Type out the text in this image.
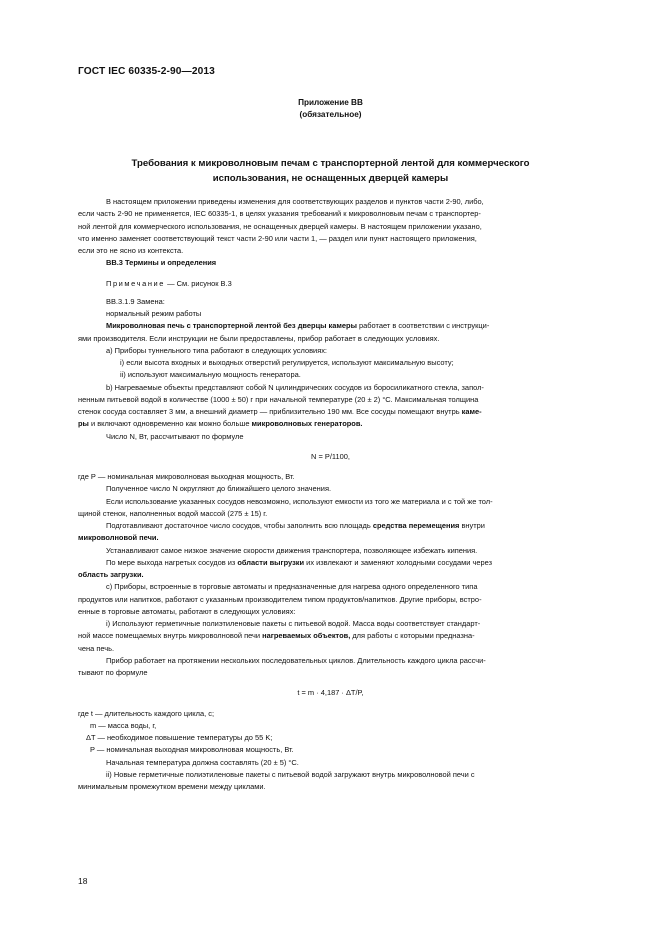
ГОСТ IEC 60335-2-90—2013
Приложение ВВ
(обязательное)
Требования к микроволновым печам с транспортерной лентой для коммерческого
использования, не оснащенных дверцей камеры

В настоящем приложении приведены изменения для соответствующих разделов и пунктов части 2-90, либо,

если часть 2-90 не применяется, IEC 60335-1, в целях указания требований к микроволновым печам с транспортер-

ной лентой для коммерческого использования, не оснащенных дверцей камеры. В настоящем приложении указано,

что именно заменяет соответствующий текст части 2-90 или части 1, — раздел или пункт настоящего приложения,

если это не ясно из контекста.

ВВ.3 Термины и определения

Примечание — См. рисунок В.3

ВВ.3.1.9 Замена:

нормальный режим работы

Микроволновая печь с транспортерной лентой без дверцы камеры работает в соответствии с инструкци-

ями производителя. Если инструкции не были предоставлены, прибор работает в следующих условиях.

а) Приборы туннельного типа работают в следующих условиях:

i) если высота входных и выходных отверстий регулируется, используют максимальную высоту;

ii) используют максимальную мощность генератора.

b) Нагреваемые объекты представляют собой N цилиндрических сосудов из боросиликатного стекла, запол-

ненным питьевой водой в количестве (1000 ± 50) г при начальной температуре (20 ± 2) °С. Максимальная толщина

стенок сосуда составляет 3 мм, а внешний диаметр — приблизительно 190 мм. Все сосуды помещают внутрь каме-

ры и включают одновременно как можно больше микроволновых генераторов.

Число N, Вт, рассчитывают по формуле

N = P/1100,

где P — номинальная микроволновая выходная мощность, Вт.

Полученное число N округляют до ближайшего целого значения.

Если использование указанных сосудов невозможно, используют емкости из того же материала и с той же тол-

щиной стенок, наполненных водой массой (275 ± 15) г.

Подготавливают достаточное число сосудов, чтобы заполнить всю площадь средства перемещения внутри

микроволновой печи.

Устанавливают самое низкое значение скорости движения транспортера, позволяющее избежать кипения.

По мере выхода нагретых сосудов из области выгрузки их извлекают и заменяют холодными сосудами через

область загрузки.

с) Приборы, встроенные в торговые автоматы и предназначенные для нагрева одного определенного типа

продуктов или напитков, работают с указанным производителем типом продуктов/напитков. Другие приборы, встро-

енные в торговые автоматы, работают в следующих условиях:

i) Используют герметичные полиэтиленовые пакеты с питьевой водой. Масса воды соответствует стандарт-

ной массе помещаемых внутрь микроволновой печи нагреваемых объектов, для работы с которыми предназна-

чена печь.

Прибор работает на протяжении нескольких последовательных циклов. Длительность каждого цикла рассчи-

тывают по формуле

t = m · 4,187 · ΔT/P,

где t — длительность каждого цикла, с;

m — масса воды, г,

ΔT — необходимое повышение температуры до 55 K;

P — номинальная выходная микроволновая мощность, Вт.

Начальная температура должна составлять (20 ± 5) °С.

ii) Новые герметичные полиэтиленовые пакеты с питьевой водой загружают внутрь микроволновой печи с

минимальным промежутком времени между циклами.

18
